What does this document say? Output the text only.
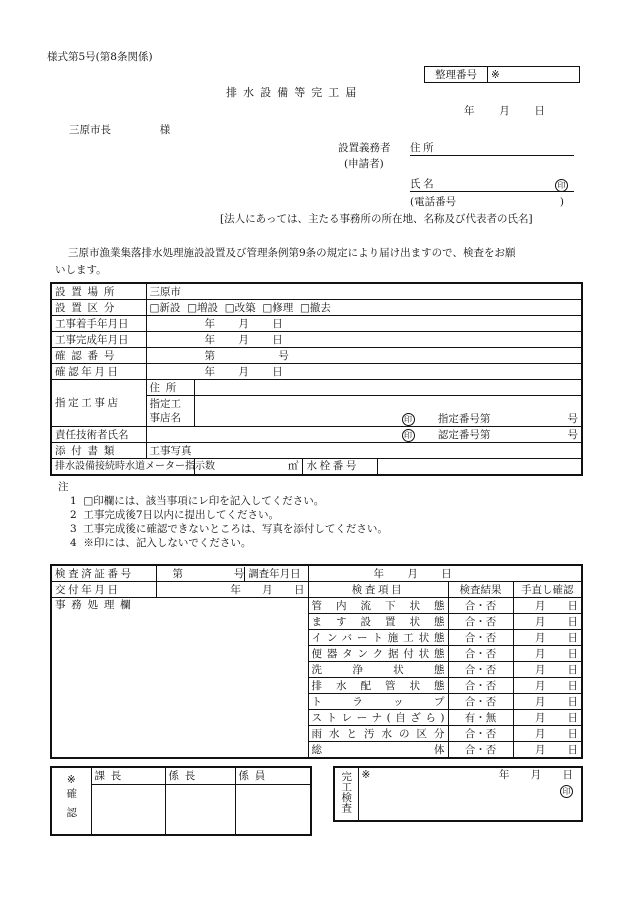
様式第5号(第8条関係)
整理番号	※
排水設備等完工届
年 月 日
三原市長	様
設置義務者 住所
(申請者)
氏名	印
(電話番号	)
[法人にあっては、主たる事務所の所在地、名称及び代表者の氏名]
三原市漁業集落排水処理施設設置及び管理条例第9条の規定により届け出ますので、検査をお願
いします。
設置場所	三原市	
設置区分	□新設 □増設 □改築 □修理 □撤去	
工事着手年月日	年 月 日	
工事完成年月日	年 月 日	
確認番号	第 号	
確認年月日	年 月 日	
指定工事店	住所	
	指定工
事店名	印 指定番号第 号

責任技術者氏名	印 認定番号第 号	

添付書類	工事写真	
排水設備接続時水道メーター指示数		㎥ 水栓番号
注
1 □印欄には、該当事項にレ印を記入してください。
2 工事完成後7日以内に提出してください。
3 工事完成後に確認できないところは、写真を添付してください。
4 ※印には、記入しないでください。
検査済証番号	第 号 調査年月日	年 月 日		
交付年月日	年 月 日	検査項目	検査結果	手直し確認
事務処理欄		管内流下状態	合・否	月 日
		ます設置状態	合・否	月 日
		インバート施工状態	合・否	月 日
		便器タンク据付状態	合・否	月 日
		洗浄状態	合・否	月 日
		排水配管状態	合・否	月 日
		トラップ	合・否	月 日
		ストレーナ(自ざら)	有・無	月 日
		雨水と汚水の区分	合・否	月 日
		総体	合・否	月 日
※
確認	課長	係長	係員
			完工検査	※	年 月 日
印
